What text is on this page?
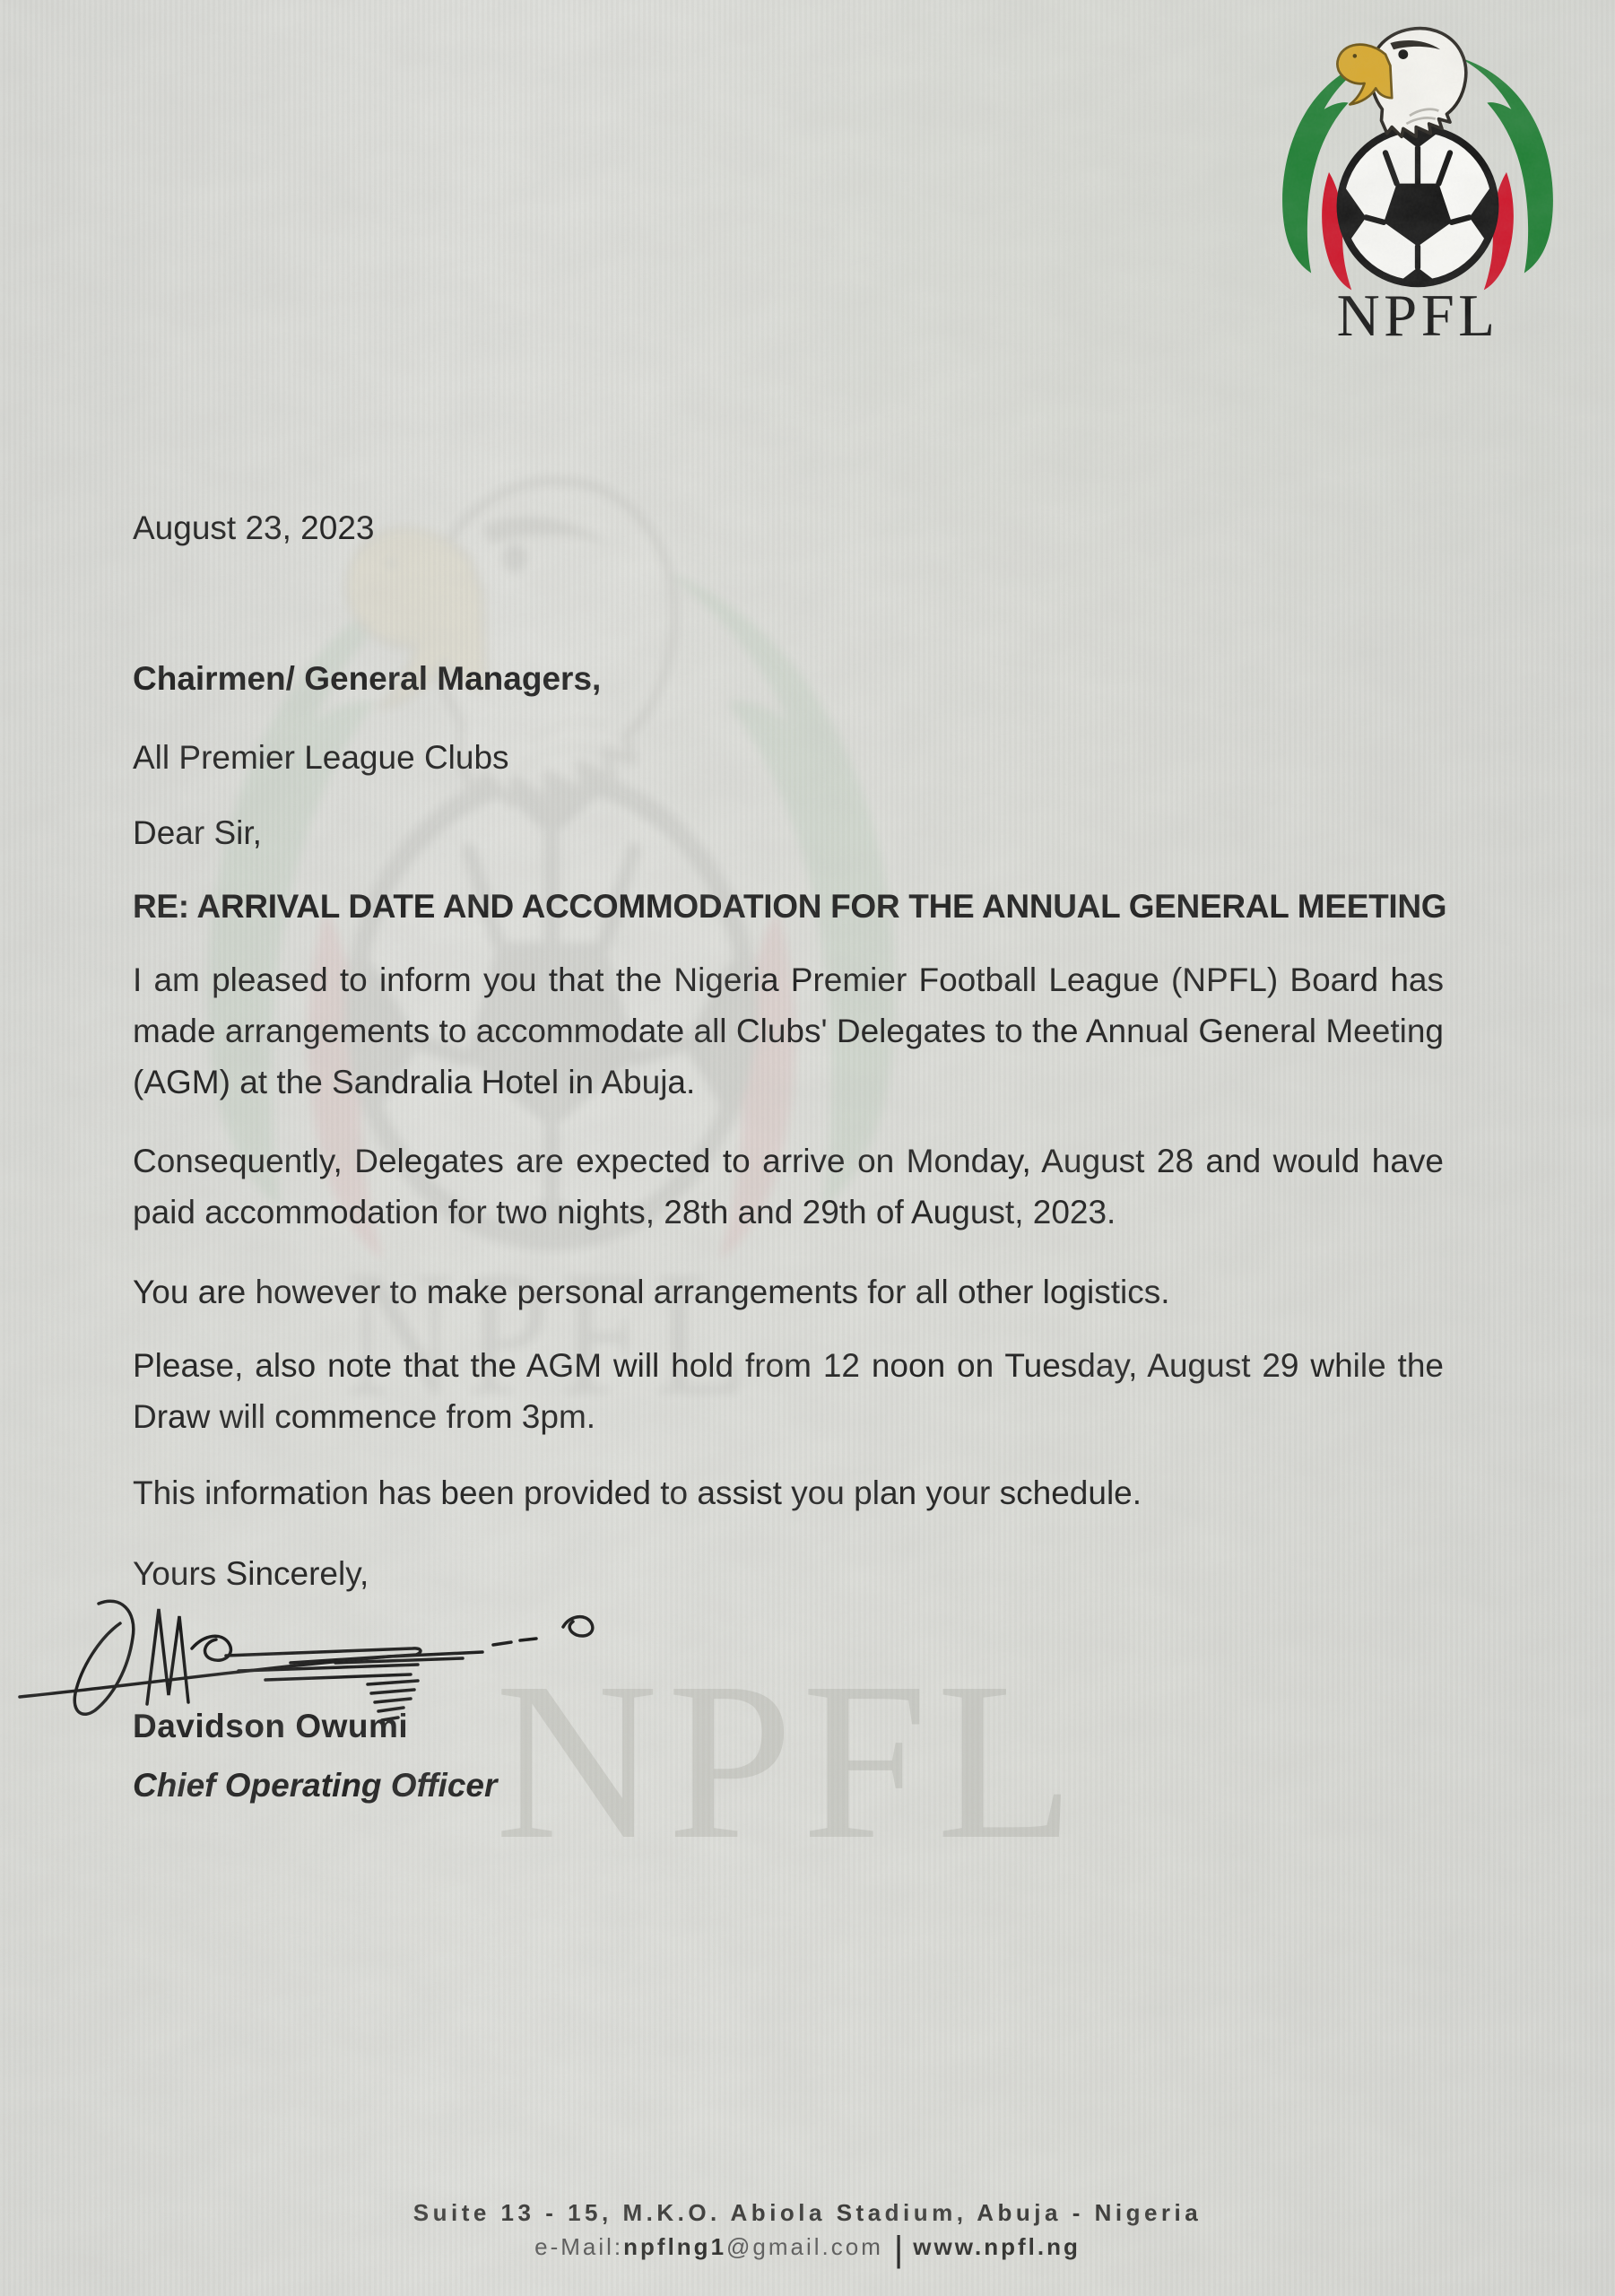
NPFL
August 23, 2023
Chairmen/ General Managers,
All Premier League Clubs
Dear Sir,
RE: ARRIVAL DATE AND ACCOMMODATION FOR THE ANNUAL GENERAL MEETING
I am pleased to inform you that the Nigeria Premier Football League (NPFL) Board has made arrangements to accommodate all Clubs' Delegates to the Annual General Meeting (AGM) at the Sandralia Hotel in Abuja.
Consequently, Delegates are expected to arrive on Monday, August 28 and would have paid accommodation for two nights, 28th and 29th of August, 2023.
You are however to make personal arrangements for all other logistics.
Please, also note that the AGM will hold from 12 noon on Tuesday, August 29 while the Draw will commence from 3pm.
This information has been provided to assist you plan your schedule.
Yours Sincerely,
Davidson Owumi
Chief Operating Officer
Suite 13 - 15, M.K.O. Abiola Stadium, Abuja - Nigeria
e-Mail:npflng1@gmail.com | www.npfl.ng
